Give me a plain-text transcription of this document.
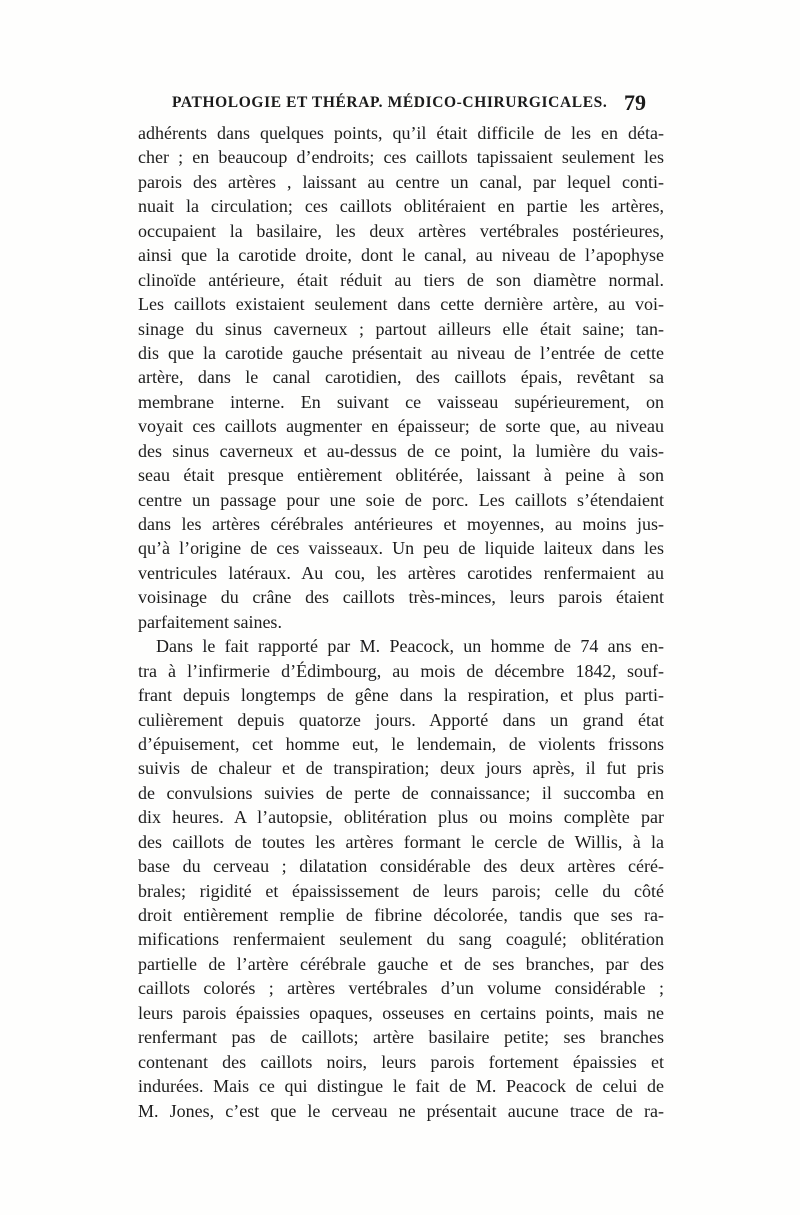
PATHOLOGIE ET THÉRAP. MÉDICO-CHIRURGICALES. 79
adhérents dans quelques points, qu’il était difficile de les en déta-
cher ; en beaucoup d’endroits; ces caillots tapissaient seulement les
parois des artères , laissant au centre un canal, par lequel conti-
nuait la circulation; ces caillots oblitéraient en partie les artères,
occupaient la basilaire, les deux artères vertébrales postérieures,
ainsi que la carotide droite, dont le canal, au niveau de l’apophyse
clinoïde antérieure, était réduit au tiers de son diamètre normal.
Les caillots existaient seulement dans cette dernière artère, au voi-
sinage du sinus caverneux ; partout ailleurs elle était saine; tan-
dis que la carotide gauche présentait au niveau de l’entrée de cette
artère, dans le canal carotidien, des caillots épais, revêtant sa
membrane interne. En suivant ce vaisseau supérieurement, on
voyait ces caillots augmenter en épaisseur; de sorte que, au niveau
des sinus caverneux et au-dessus de ce point, la lumière du vais-
seau était presque entièrement oblitérée, laissant à peine à son
centre un passage pour une soie de porc. Les caillots s’étendaient
dans les artères cérébrales antérieures et moyennes, au moins jus-
qu’à l’origine de ces vaisseaux. Un peu de liquide laiteux dans les
ventricules latéraux. Au cou, les artères carotides renfermaient au
voisinage du crâne des caillots très-minces, leurs parois étaient
parfaitement saines.
Dans le fait rapporté par M. Peacock, un homme de 74 ans en-
tra à l’infirmerie d’Édimbourg, au mois de décembre 1842, souf-
frant depuis longtemps de gêne dans la respiration, et plus parti-
culièrement depuis quatorze jours. Apporté dans un grand état
d’épuisement, cet homme eut, le lendemain, de violents frissons
suivis de chaleur et de transpiration; deux jours après, il fut pris
de convulsions suivies de perte de connaissance; il succomba en
dix heures. A l’autopsie, oblitération plus ou moins complète par
des caillots de toutes les artères formant le cercle de Willis, à la
base du cerveau ; dilatation considérable des deux artères céré-
brales; rigidité et épaississement de leurs parois; celle du côté
droit entièrement remplie de fibrine décolorée, tandis que ses ra-
mifications renfermaient seulement du sang coagulé; oblitération
partielle de l’artère cérébrale gauche et de ses branches, par des
caillots colorés ; artères vertébrales d’un volume considérable ;
leurs parois épaissies opaques, osseuses en certains points, mais ne
renfermant pas de caillots; artère basilaire petite; ses branches
contenant des caillots noirs, leurs parois fortement épaissies et
indurées. Mais ce qui distingue le fait de M. Peacock de celui de
M. Jones, c’est que le cerveau ne présentait aucune trace de ra-
